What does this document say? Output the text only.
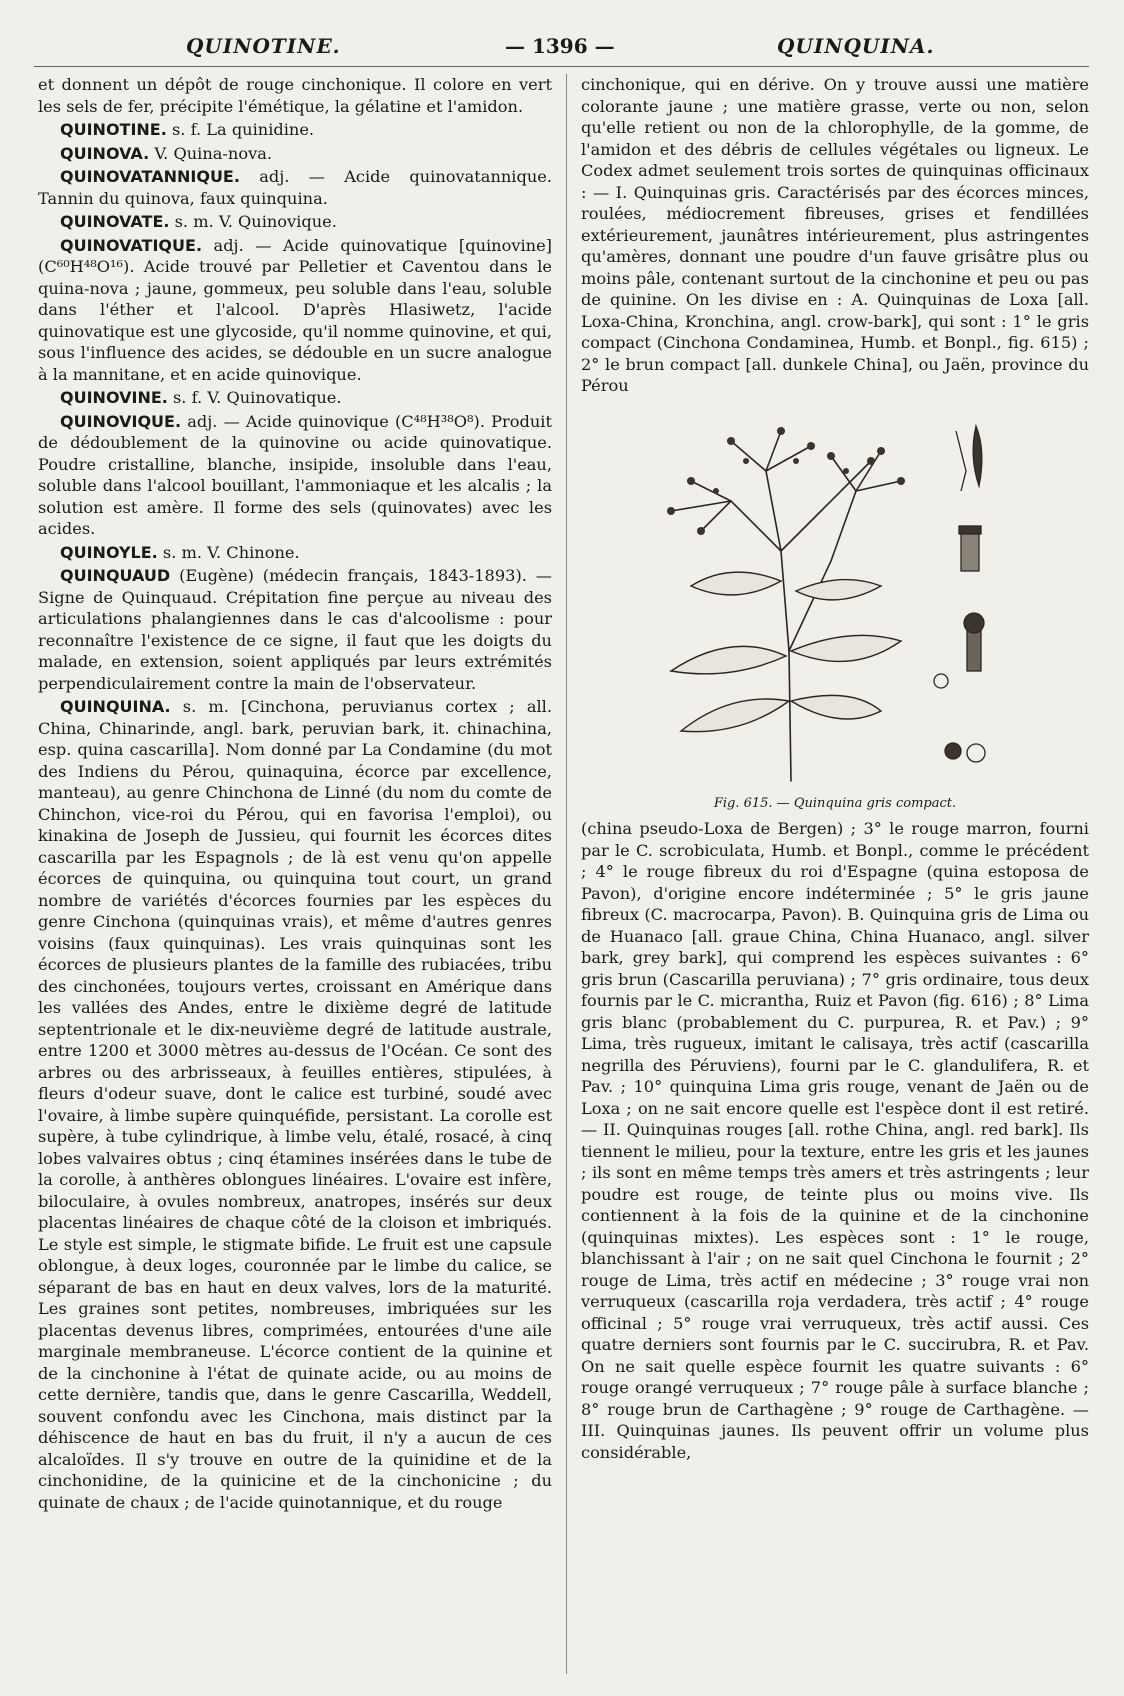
QUINOTINE.	— 1396 —	QUINQUINA.

et donnent un dépôt de rouge cinchonique. Il colore en vert les sels de fer, précipite l'émétique, la gélatine et l'amidon.

QUINOTINE. s. f. La quinidine.

QUINOVA. V. Quina-nova.

QUINOVATANNIQUE. adj. — Acide quinovatannique. Tannin du quinova, faux quinquina.

QUINOVATE. s. m. V. Quinovique.

QUINOVATIQUE. adj. — Acide quinovatique [quinovine] (C⁶⁰H⁴⁸O¹⁶). Acide trouvé par Pelletier et Caventou dans le quina-nova ; jaune, gommeux, peu soluble dans l'eau, soluble dans l'éther et l'alcool. D'après Hlasiwetz, l'acide quinovatique est une glycoside, qu'il nomme quinovine, et qui, sous l'influence des acides, se dédouble en un sucre analogue à la mannitane, et en acide quinovique.

QUINOVINE. s. f. V. Quinovatique.

QUINOVIQUE. adj. — Acide quinovique (C⁴⁸H³⁸O⁸). Produit de dédoublement de la quinovine ou acide quinovatique. Poudre cristalline, blanche, insipide, insoluble dans l'eau, soluble dans l'alcool bouillant, l'ammoniaque et les alcalis ; la solution est amère. Il forme des sels (quinovates) avec les acides.

QUINOYLE. s. m. V. Chinone.

QUINQUAUD (Eugène) (médecin français, 1843-1893). — Signe de Quinquaud. Crépitation fine perçue au niveau des articulations phalangiennes dans le cas d'alcoolisme : pour reconnaître l'existence de ce signe, il faut que les doigts du malade, en extension, soient appliqués par leurs extrémités perpendiculairement contre la main de l'observateur.

QUINQUINA. s. m. [Cinchona, peruvianus cortex ; all. China, Chinarinde, angl. bark, peruvian bark, it. chinachina, esp. quina cascarilla]. Nom donné par La Condamine (du mot des Indiens du Pérou, quinaquina, écorce par excellence, manteau), au genre Chinchona de Linné (du nom du comte de Chinchon, vice-roi du Pérou, qui en favorisa l'emploi), ou kinakina de Joseph de Jussieu, qui fournit les écorces dites cascarilla par les Espagnols ; de là est venu qu'on appelle écorces de quinquina, ou quinquina tout court, un grand nombre de variétés d'écorces fournies par les espèces du genre Cinchona (quinquinas vrais), et même d'autres genres voisins (faux quinquinas). Les vrais quinquinas sont les écorces de plusieurs plantes de la famille des rubiacées, tribu des cinchonées, toujours vertes, croissant en Amérique dans les vallées des Andes, entre le dixième degré de latitude septentrionale et le dix-neuvième degré de latitude australe, entre 1200 et 3000 mètres au-dessus de l'Océan. Ce sont des arbres ou des arbrisseaux, à feuilles entières, stipulées, à fleurs d'odeur suave, dont le calice est turbiné, soudé avec l'ovaire, à limbe supère quinquéfide, persistant. La corolle est supère, à tube cylindrique, à limbe velu, étalé, rosacé, à cinq lobes valvaires obtus ; cinq étamines insérées dans le tube de la corolle, à anthères oblongues linéaires. L'ovaire est infère, biloculaire, à ovules nombreux, anatropes, insérés sur deux placentas linéaires de chaque côté de la cloison et imbriqués. Le style est simple, le stigmate bifide. Le fruit est une capsule oblongue, à deux loges, couronnée par le limbe du calice, se séparant de bas en haut en deux valves, lors de la maturité. Les graines sont petites, nombreuses, imbriquées sur les placentas devenus libres, comprimées, entourées d'une aile marginale membraneuse. L'écorce contient de la quinine et de la cinchonine à l'état de quinate acide, ou au moins de cette dernière, tandis que, dans le genre Cascarilla, Weddell, souvent confondu avec les Cinchona, mais distinct par la déhiscence de haut en bas du fruit, il n'y a aucun de ces alcaloïdes. Il s'y trouve en outre de la quinidine et de la cinchonidine, de la quinicine et de la cinchonicine ; du quinate de chaux ; de l'acide quinotannique, et du rouge

cinchonique, qui en dérive. On y trouve aussi une matière colorante jaune ; une matière grasse, verte ou non, selon qu'elle retient ou non de la chlorophylle, de la gomme, de l'amidon et des débris de cellules végétales ou ligneux. Le Codex admet seulement trois sortes de quinquinas officinaux : — I. Quinquinas gris. Caractérisés par des écorces minces, roulées, médiocrement fibreuses, grises et fendillées extérieurement, jaunâtres intérieurement, plus astringentes qu'amères, donnant une poudre d'un fauve grisâtre plus ou moins pâle, contenant surtout de la cinchonine et peu ou pas de quinine. On les divise en : A. Quinquinas de Loxa [all. Loxa-China, Kronchina, angl. crow-bark], qui sont : 1° le gris compact (Cinchona Condaminea, Humb. et Bonpl., fig. 615) ; 2° le brun compact [all. dunkele China], ou Jaën, province du Pérou

Fig. 615. — Quinquina gris compact.

(china pseudo-Loxa de Bergen) ; 3° le rouge marron, fourni par le C. scrobiculata, Humb. et Bonpl., comme le précédent ; 4° le rouge fibreux du roi d'Espagne (quina estoposa de Pavon), d'origine encore indéterminée ; 5° le gris jaune fibreux (C. macrocarpa, Pavon). B. Quinquina gris de Lima ou de Huanaco [all. graue China, China Huanaco, angl. silver bark, grey bark], qui comprend les espèces suivantes : 6° gris brun (Cascarilla peruviana) ; 7° gris ordinaire, tous deux fournis par le C. micrantha, Ruiz et Pavon (fig. 616) ; 8° Lima gris blanc (probablement du C. purpurea, R. et Pav.) ; 9° Lima, très rugueux, imitant le calisaya, très actif (cascarilla negrilla des Péruviens), fourni par le C. glandulifera, R. et Pav. ; 10° quinquina Lima gris rouge, venant de Jaën ou de Loxa ; on ne sait encore quelle est l'espèce dont il est retiré. — II. Quinquinas rouges [all. rothe China, angl. red bark]. Ils tiennent le milieu, pour la texture, entre les gris et les jaunes ; ils sont en même temps très amers et très astringents ; leur poudre est rouge, de teinte plus ou moins vive. Ils contiennent à la fois de la quinine et de la cinchonine (quinquinas mixtes). Les espèces sont : 1° le rouge, blanchissant à l'air ; on ne sait quel Cinchona le fournit ; 2° rouge de Lima, très actif en médecine ; 3° rouge vrai non verruqueux (cascarilla roja verdadera, très actif ; 4° rouge officinal ; 5° rouge vrai verruqueux, très actif aussi. Ces quatre derniers sont fournis par le C. succirubra, R. et Pav. On ne sait quelle espèce fournit les quatre suivants : 6° rouge orangé verruqueux ; 7° rouge pâle à surface blanche ; 8° rouge brun de Carthagène ; 9° rouge de Carthagène. — III. Quinquinas jaunes. Ils peuvent offrir un volume plus considérable,
